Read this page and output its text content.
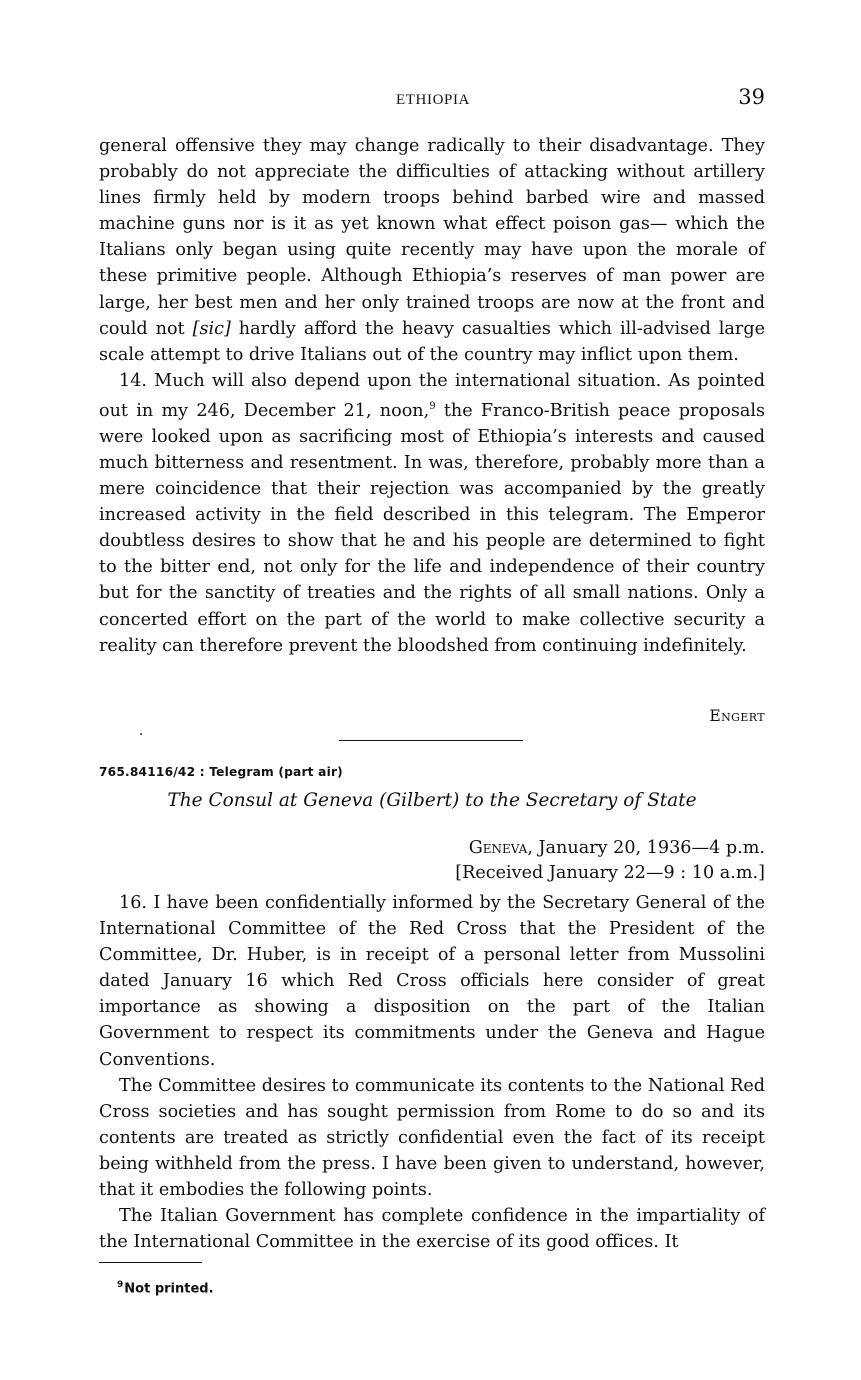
ETHIOPIA	39

general offensive they may change radically to their disadvantage. They probably do not appreciate the difficulties of attacking without artillery lines firmly held by modern troops behind barbed wire and massed machine guns nor is it as yet known what effect poison gas— which the Italians only began using quite recently may have upon the morale of these primitive people. Although Ethiopia’s reserves of man power are large, her best men and her only trained troops are now at the front and could not [sic] hardly afford the heavy casualties which ill-advised large scale attempt to drive Italians out of the country may inflict upon them.

14. Much will also depend upon the international situation. As pointed out in my 246, December 21, noon,$^9$ the Franco-British peace proposals were looked upon as sacrificing most of Ethiopia’s interests and caused much bitterness and resentment. In was, therefore, probably more than a mere coincidence that their rejection was accompanied by the greatly increased activity in the field described in this telegram. The Emperor doubtless desires to show that he and his people are determined to fight to the bitter end, not only for the life and independence of their country but for the sanctity of treaties and the rights of all small nations. Only a concerted effort on the part of the world to make collective security a reality can therefore prevent the bloodshed from continuing indefinitely.

Engert
765.84116/42 : Telegram (part air)
The Consul at Geneva (Gilbert) to the Secretary of State
Geneva, January 20, 1936—4 p.m.
[Received January 22—9 : 10 a.m.]

16. I have been confidentially informed by the Secretary General of the International Committee of the Red Cross that the President of the Committee, Dr. Huber, is in receipt of a personal letter from Mussolini dated January 16 which Red Cross officials here consider of great importance as showing a disposition on the part of the Italian Government to respect its commitments under the Geneva and Hague Conventions.

The Committee desires to communicate its contents to the National Red Cross societies and has sought permission from Rome to do so and its contents are treated as strictly confidential even the fact of its receipt being withheld from the press. I have been given to understand, however, that it embodies the following points.

The Italian Government has complete confidence in the impartiality of the International Committee in the exercise of its good offices. It

$^9$Not printed.
